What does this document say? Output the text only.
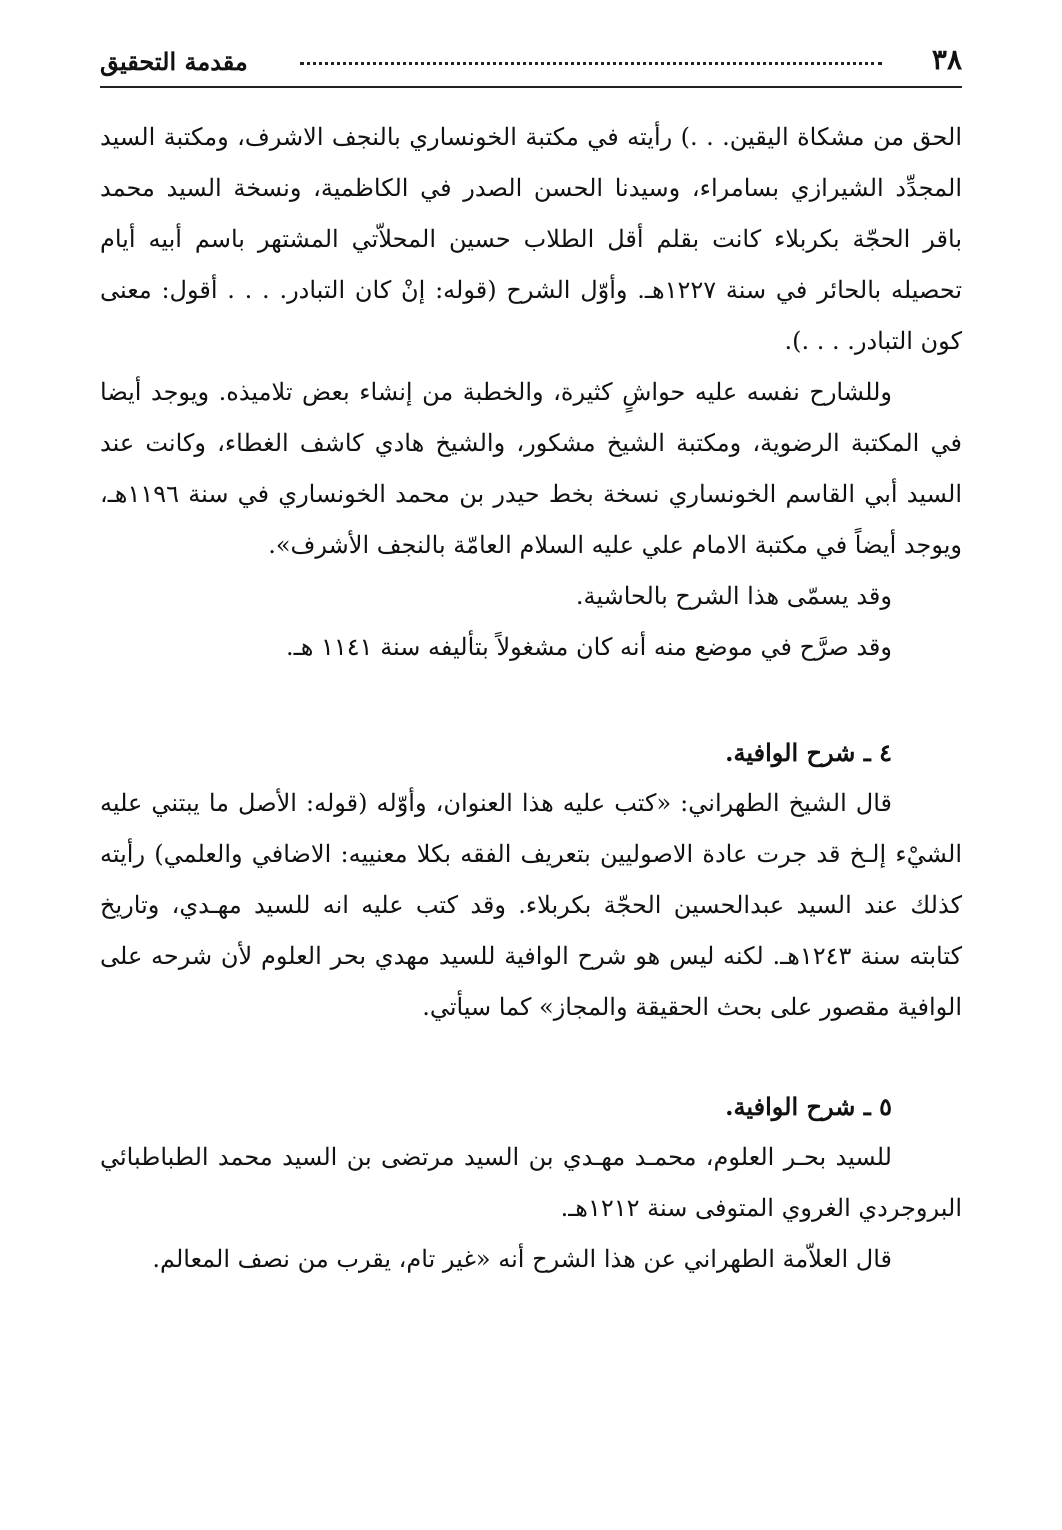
٣٨
مقدمة التحقيق

الحق من مشكاة اليقين. . .) رأيته في مكتبة الخونساري بالنجف الاشرف، ومكتبة السيد المجدِّد الشيرازي بسامراء، وسيدنا الحسن الصدر في الكاظمية، ونسخة السيد محمد باقر الحجّة بكربلاء كانت بقلم أقل الطلاب حسين المحلاّتي المشتهر باسم أبيه أيام تحصيله بالحائر في سنة ١٢٢٧هـ. وأوّل الشرح (قوله: إنْ كان التبادر. . . . أقول: معنى كون التبادر. . . .).

وللشارح نفسه عليه حواشٍ كثيرة، والخطبة من إنشاء بعض تلاميذه. ويوجد أيضا في المكتبة الرضوية، ومكتبة الشيخ مشكور، والشيخ هادي كاشف الغطاء، وكانت عند السيد أبي القاسم الخونساري نسخة بخط حيدر بن محمد الخونساري في سنة ١١٩٦هـ، ويوجد أيضاً في مكتبة الامام علي عليه السلام العامّة بالنجف الأشرف».

وقد يسمّى هذا الشرح بالحاشية.

وقد صرَّح في موضع منه أنه كان مشغولاً بتأليفه سنة ١١٤١ هـ.

٤ ـ شرح الوافية.

قال الشيخ الطهراني: «كتب عليه هذا العنوان، وأوّله (قوله: الأصل ما يبتني عليه الشيْء إلـخ قد جرت عادة الاصوليين بتعريف الفقه بكلا معنييه: الاضافي والعلمي) رأيته كذلك عند السيد عبدالحسين الحجّة بكربلاء. وقد كتب عليه انه للسيد مهـدي، وتاريخ كتابته سنة ١٢٤٣هـ. لكنه ليس هو شرح الوافية للسيد مهدي بحر العلوم لأن شرحه على الوافية مقصور على بحث الحقيقة والمجاز» كما سيأتي.

٥ ـ شرح الوافية.

للسيد بحـر العلوم، محمـد مهـدي بن السيد مرتضى بن السيد محمد الطباطبائي البروجردي الغروي المتوفى سنة ١٢١٢هـ.

قال العلاّمة الطهراني عن هذا الشرح أنه «غير تام، يقرب من نصف المعالم.
